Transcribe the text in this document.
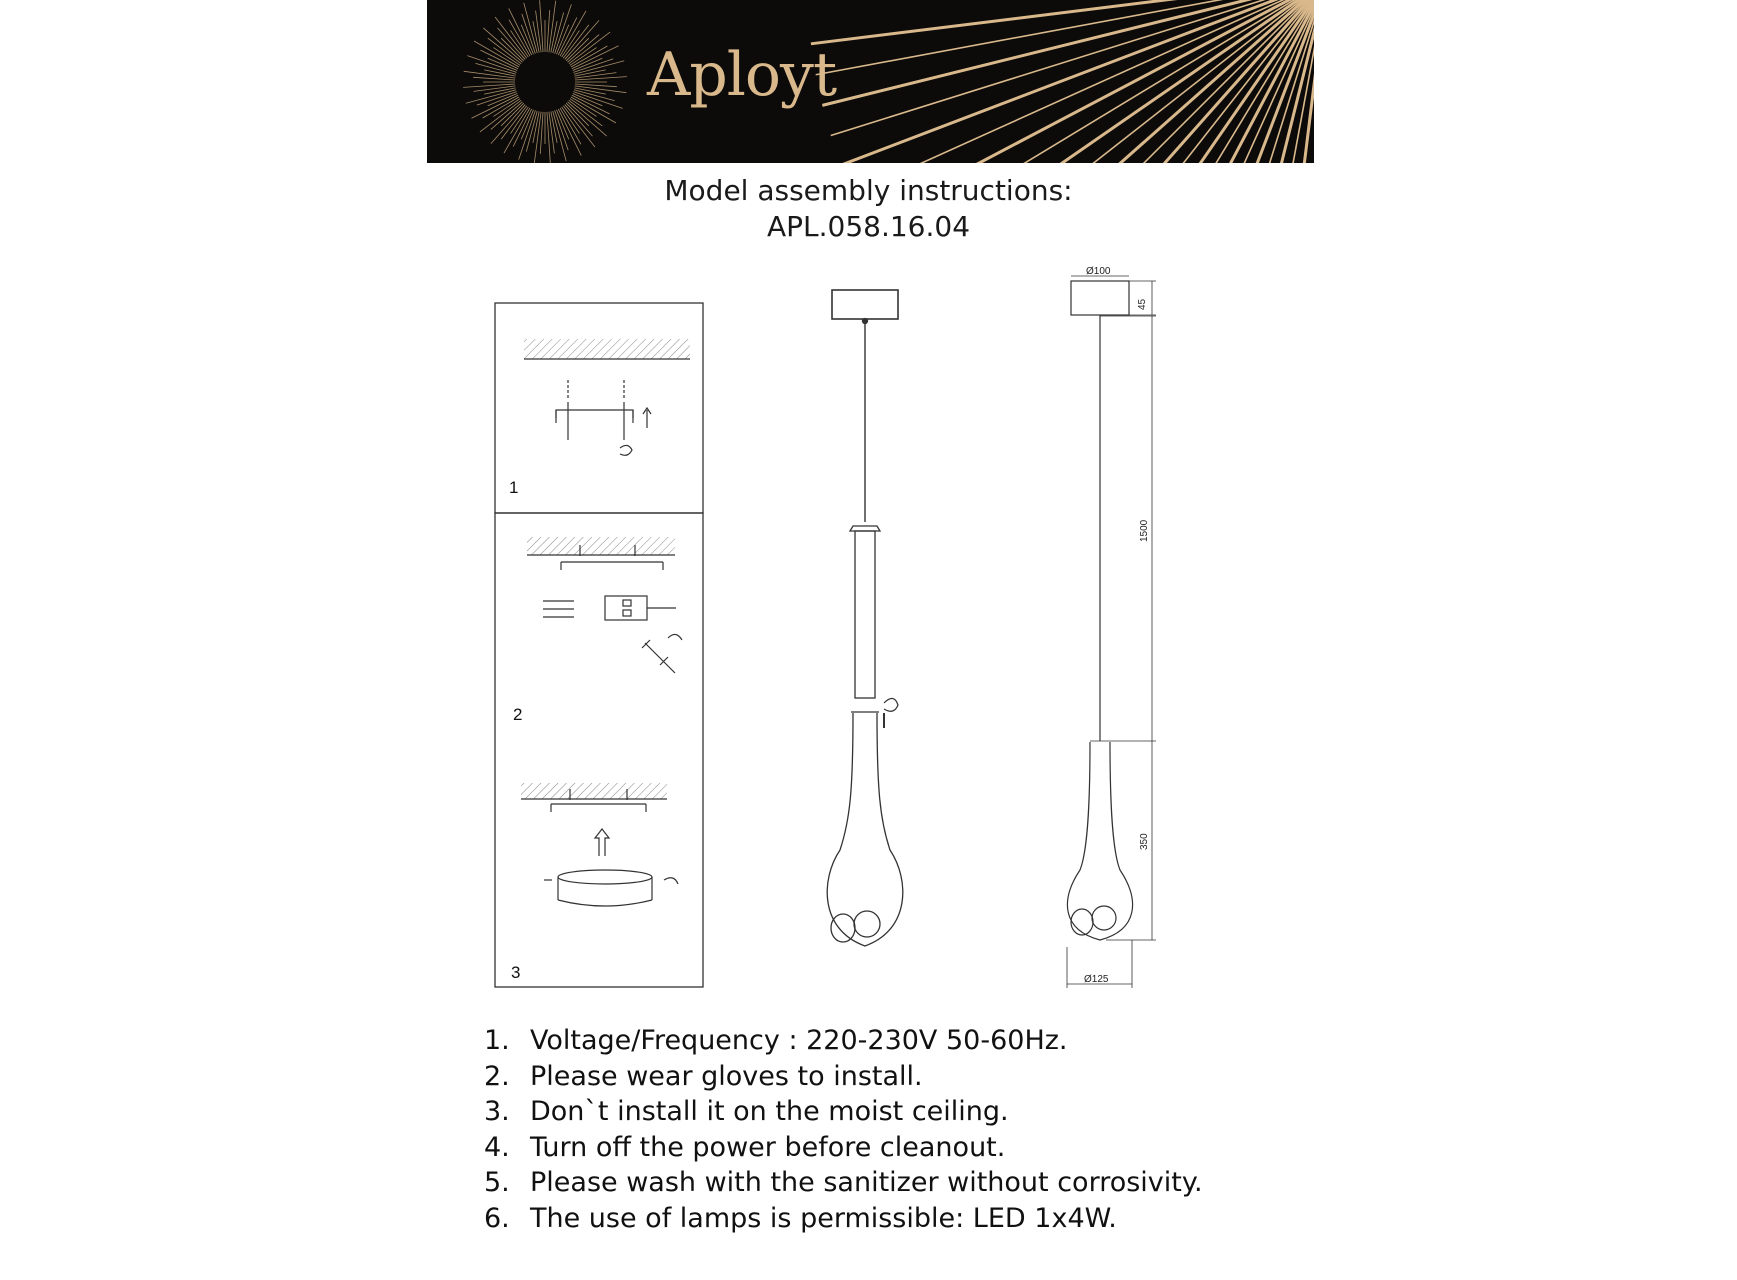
Aployt
Model assembly instructions:
APL.058.16.04
1
2
3
Ø100
45
1500
350
Ø125
1. Voltage/Frequency : 220-230V 50-60Hz.
2. Please wear gloves to install.
3. Don`t install it on the moist ceiling.
4. Turn off the power before cleanout.
5. Please wash with the sanitizer without corrosivity.
6. The use of lamps is permissible: LED 1x4W.
